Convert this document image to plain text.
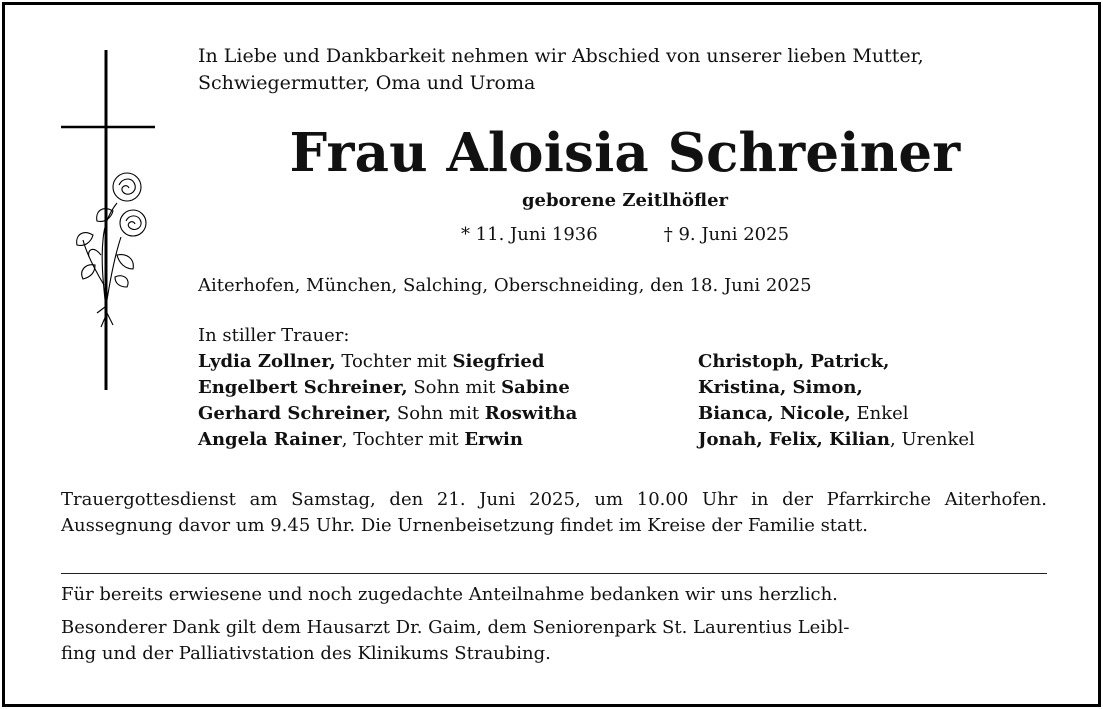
In Liebe und Dankbarkeit nehmen wir Abschied von unserer lieben Mutter,
Schwiegermutter, Oma und Uroma
Frau Aloisia Schreiner
geborene Zeitlhöfler
* 11. Juni 1936	† 9. Juni 2025
Aiterhofen, München, Salching, Oberschneiding, den 18. Juni 2025
In stiller Trauer:
Lydia Zollner, Tochter mit Siegfried
Engelbert Schreiner, Sohn mit Sabine
Gerhard Schreiner, Sohn mit Roswitha
Angela Rainer, Tochter mit Erwin
Christoph, Patrick,
Kristina, Simon,
Bianca, Nicole, Enkel
Jonah, Felix, Kilian, Urenkel
Trauergottesdienst am Samstag, den 21. Juni 2025, um 10.00 Uhr in der Pfarrkirche Aiterhofen. Aussegnung davor um 9.45 Uhr. Die Urnenbeisetzung findet im Kreise der Familie statt.
Für bereits erwiesene und noch zugedachte Anteilnahme bedanken wir uns herzlich.
Besonderer Dank gilt dem Hausarzt Dr. Gaim, dem Seniorenpark St. Laurentius Leibl-
fing und der Palliativstation des Klinikums Straubing.
